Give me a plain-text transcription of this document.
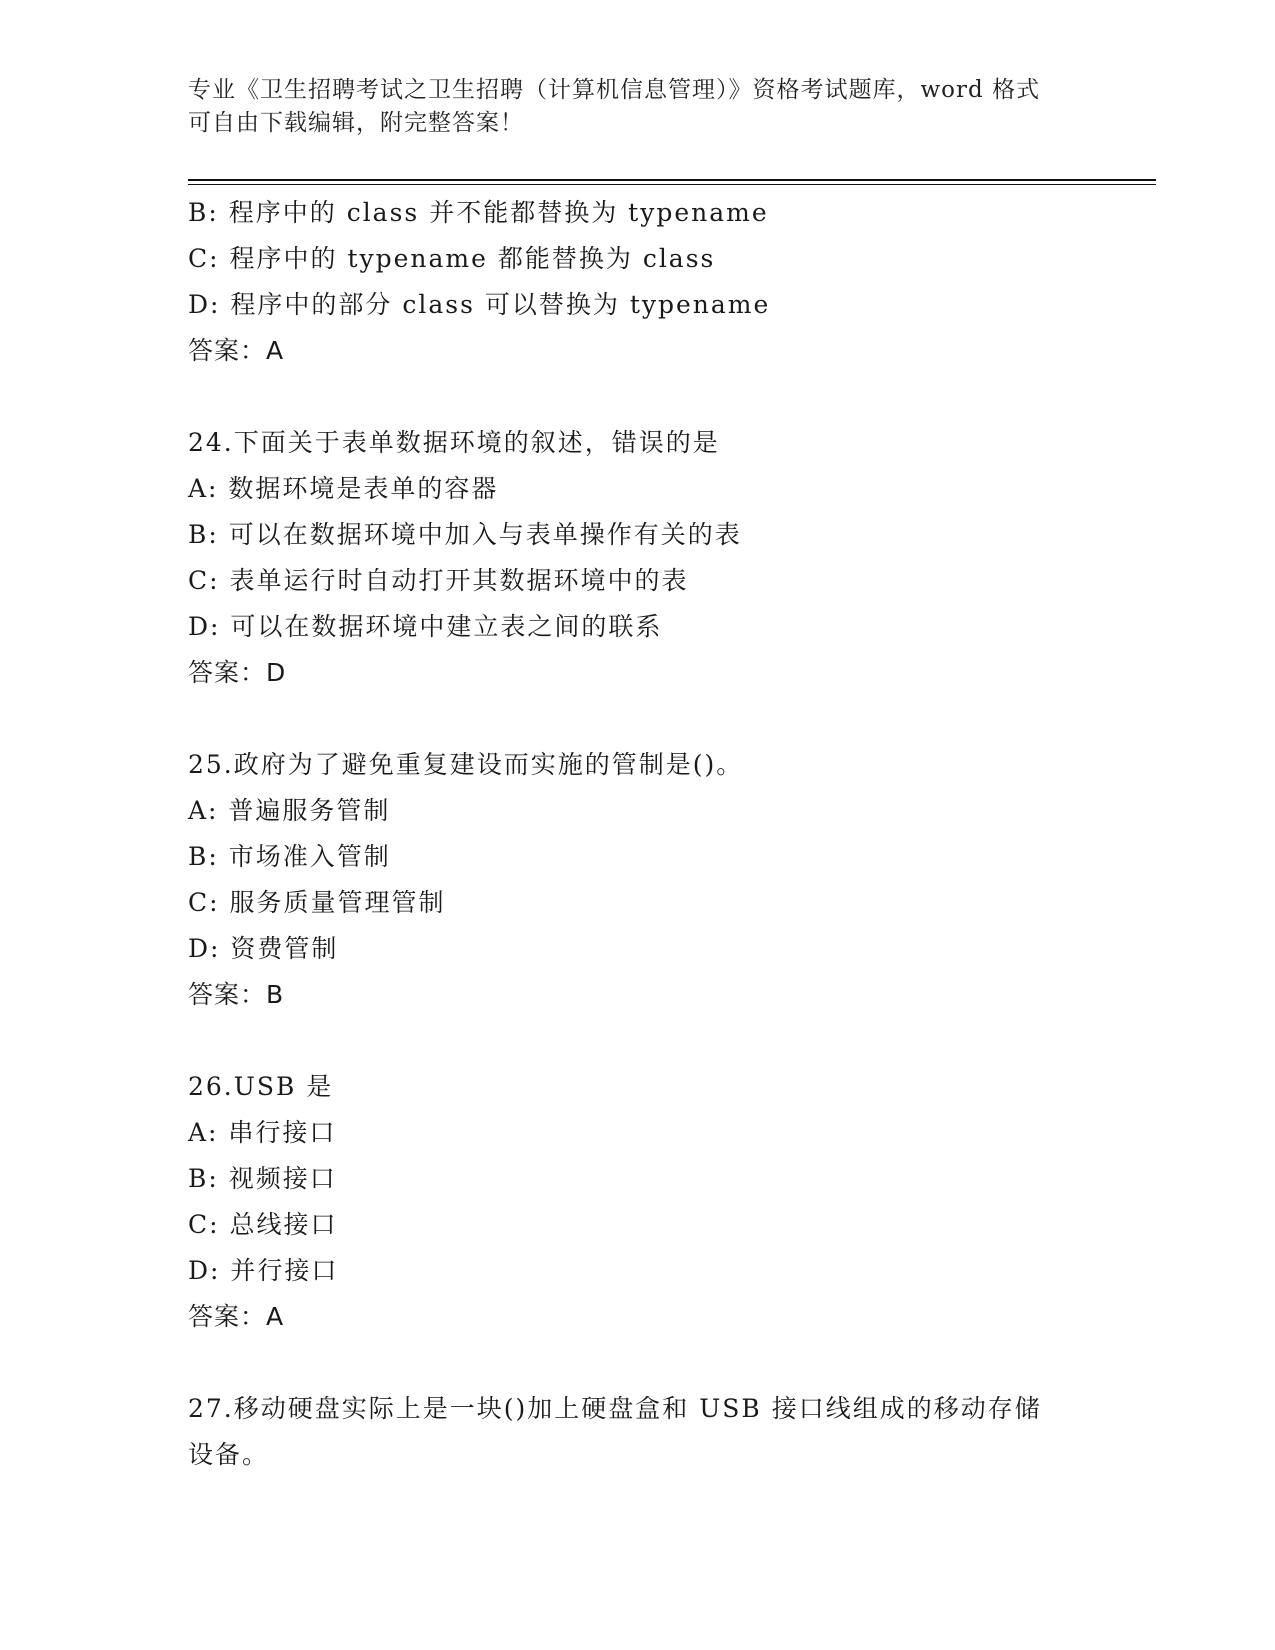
专业《卫生招聘考试之卫生招聘（计算机信息管理）》资格考试题库，word 格式
可自由下载编辑，附完整答案！
B: 程序中的 class 并不能都替换为 typename
C: 程序中的 typename 都能替换为 class
D: 程序中的部分 class 可以替换为 typename
答案：A
24.下面关于表单数据环境的叙述，错误的是
A: 数据环境是表单的容器
B: 可以在数据环境中加入与表单操作有关的表
C: 表单运行时自动打开其数据环境中的表
D: 可以在数据环境中建立表之间的联系
答案：D
25.政府为了避免重复建设而实施的管制是()。
A: 普遍服务管制
B: 市场准入管制
C: 服务质量管理管制
D: 资费管制
答案：B
26.USB 是
A: 串行接口
B: 视频接口
C: 总线接口
D: 并行接口
答案：A
27.移动硬盘实际上是一块()加上硬盘盒和 USB 接口线组成的移动存储
设备。
